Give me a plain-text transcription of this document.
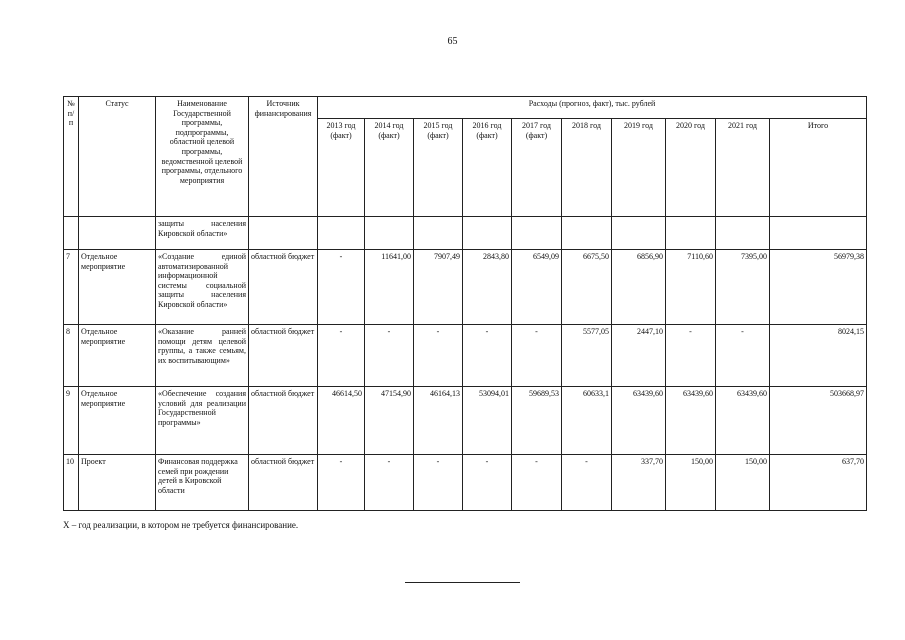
65
№ п/п	Статус	Наименование Государственной программы, подпрограммы, областной целевой программы, ведомственной целевой программы, отдельного мероприятия	Источник финансирования	Расходы (прогноз, факт), тыс. рублей									
				2013 год (факт)	2014 год (факт)	2015 год (факт)	2016 год (факт)	2017 год (факт)	2018 год	2019 год	2020 год	2021 год	Итого
		защиты населения Кировской области»											
7	Отдельное мероприятие	«Создание единой автоматизированной информационной системы социальной защиты населения Кировской области»	областной бюджет	-	11641,00	7907,49	2843,80	6549,09	6675,50	6856,90	7110,60	7395,00	56979,38
8	Отдельное мероприятие	«Оказание ранней помощи детям целевой группы, а также семьям, их воспитывающим»	областной бюджет	-	-	-	-	-	5577,05	2447,10	-	-	8024,15
9	Отдельное мероприятие	«Обеспечение создания условий для реализации Государственной программы»	областной бюджет	46614,50	47154,90	46164,13	53094,01	59689,53	60633,1	63439,60	63439,60	63439,60	503668,97
10	Проект	Финансовая поддержка семей при рождении детей в Кировской области	областной бюджет	-	-	-	-	-	-	337,70	150,00	150,00	637,70
Х – год реализации, в котором не требуется финансирование.
